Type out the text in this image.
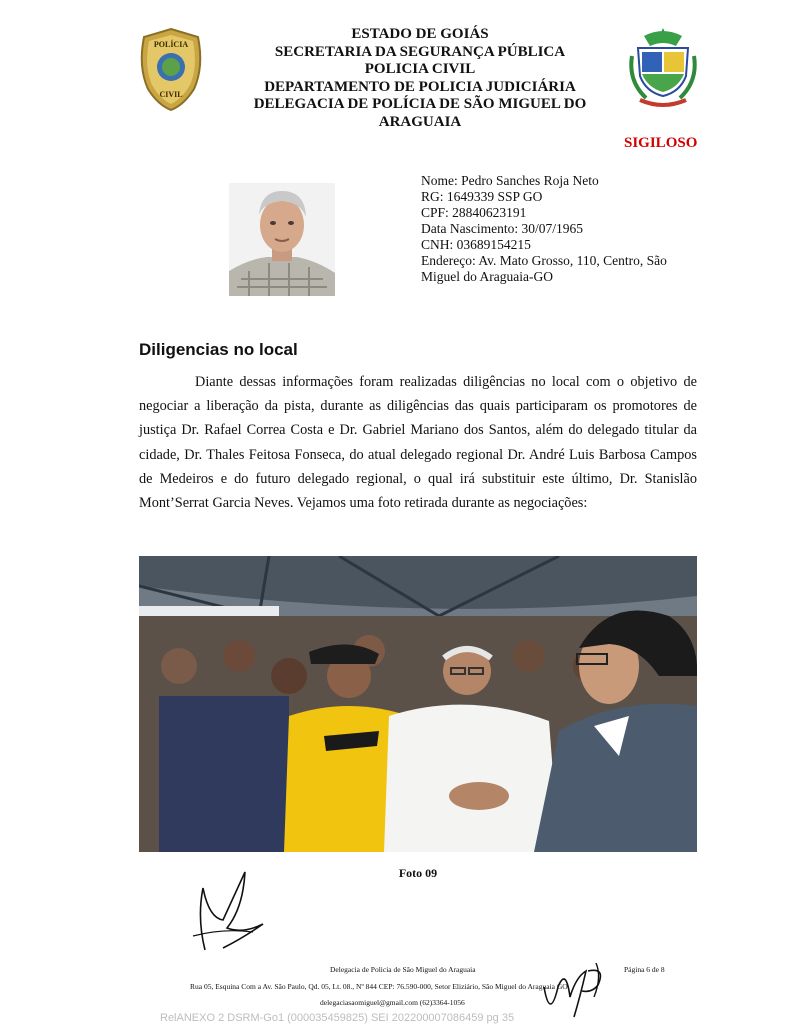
POLÍCIA
CIVIL
ESTADO DE GOIÁS
SECRETARIA DA SEGURANÇA PÚBLICA
POLICIA CIVIL
DEPARTAMENTO DE POLICIA JUDICIÁRIA
DELEGACIA DE POLÍCIA DE SÃO MIGUEL DO ARAGUAIA
SIGILOSO
Nome: Pedro Sanches Roja Neto
RG: 1649339 SSP GO
CPF: 28840623191
Data Nascimento: 30/07/1965
CNH: 03689154215
Endereço: Av. Mato Grosso, 110, Centro, São Miguel do Araguaia-GO
Diligencias no local
Diante dessas informações foram realizadas diligências no local com o objetivo de negociar a liberação da pista, durante as diligências das quais participaram os promotores de justiça Dr. Rafael Correa Costa e Dr. Gabriel Mariano dos Santos, além do delegado titular da cidade, Dr. Thales Feitosa Fonseca, do atual delegado regional Dr. André Luis Barbosa Campos de Medeiros e do futuro delegado regional, o qual irá substituir este último, Dr. Stanislão Mont’Serrat Garcia Neves. Vejamos uma foto retirada durante as negociações:
Foto 09
Delegacia de Policia de São Miguel do Araguaia	Página 6 de 8
Rua 05, Esquina Com a Av. São Paulo, Qd. 05, Lt. 08., Nº 844 CEP: 76.590-000, Setor Eliziário, São Miguel do Araguaia GO
delegaciasaomiguel@gmail.com (62)3364-1056
RelANEXO 2 DSRM-Go1 (000035459825) SEI 202200007086459 pg 35
